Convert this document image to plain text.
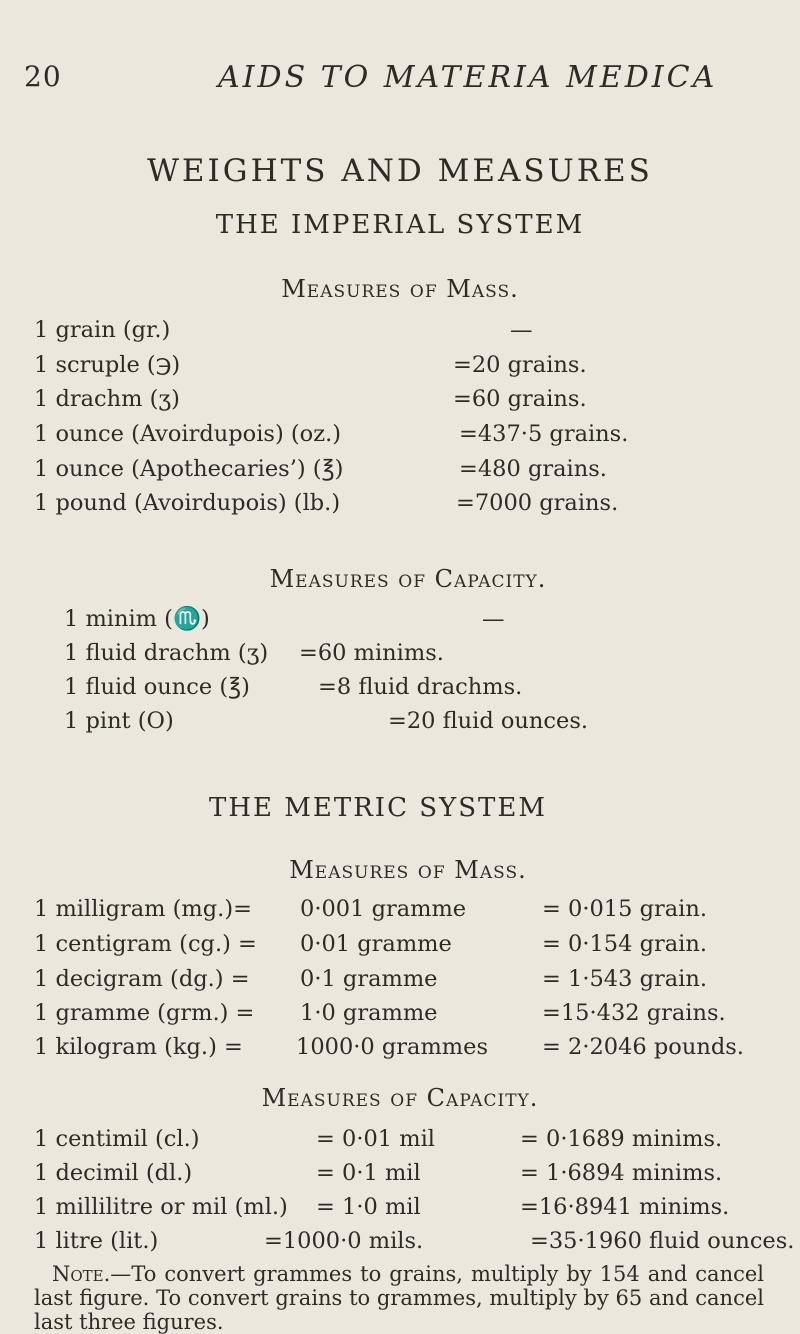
20	AIDS TO MATERIA MEDICA
WEIGHTS AND MEASURES
THE IMPERIAL SYSTEM
Measures of Mass.
1 grain (gr.)	—
1 scruple (℈)	=20 grains.
1 drachm (ʒ)	=60 grains.
1 ounce (Avoirdupois) (oz.)	=437·5 grains.
1 ounce (Apothecaries’) (℥)	=480 grains.
1 pound (Avoirdupois) (lb.)	=7000 grains.
Measures of Capacity.
1 minim (♏)	—
1 fluid drachm (ʒ) =60 minims.
1 fluid ounce (℥)	=8 fluid drachms.
1 pint (O)	=20 fluid ounces.
THE METRIC SYSTEM
Measures of Mass.
1 milligram (mg.)= 0·001 gramme	= 0·015 grain.
1 centigram (cg.) = 0·01 gramme	= 0·154 grain.
1 decigram (dg.) = 0·1 gramme	= 1·543 grain.
1 gramme (grm.) = 1·0 gramme	=15·432 grains.
1 kilogram (kg.) = 1000·0 grammes = 2·2046 pounds.
Measures of Capacity.
1 centimil (cl.)	= 0·01 mil	= 0·1689 minims.
1 decimil (dl.)	= 0·1 mil	= 1·6894 minims.
1 millilitre or mil (ml.) = 1·0 mil	=16·8941 minims.
1 litre (lit.)	=1000·0 mils.	=35·1960 fluid ounces.
Note.—To convert grammes to grains, multiply by 154 and cancel last figure. To convert grains to grammes, multiply by 65 and cancel last three figures.
